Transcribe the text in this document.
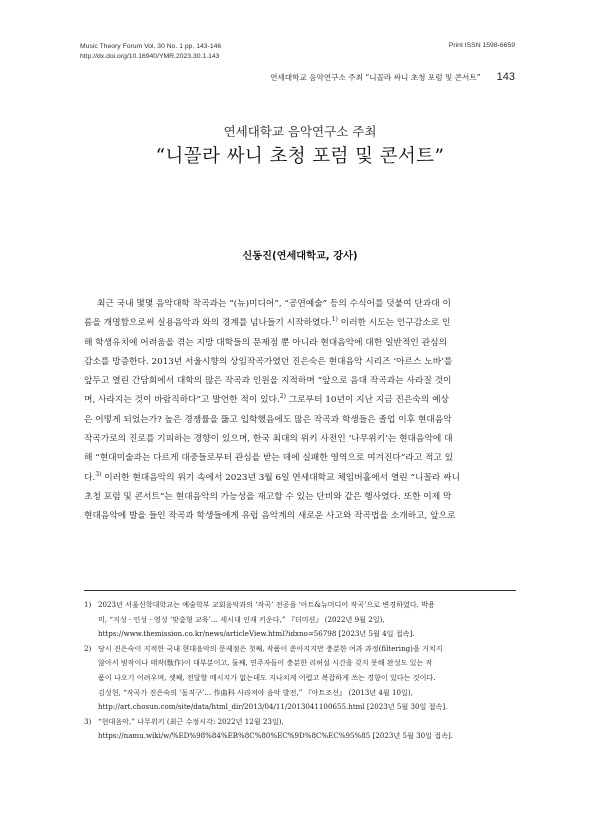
Music Theory Forum Vol. 30 No. 1 pp. 143-146
http://dx.doi.org/10.16940/YMR.2023.30.1.143
Print ISSN 1598-6659
연세대학교 음악연구소 주최 “니꼴라 싸니 초청 포럼 및 콘서트” 143
연세대학교 음악연구소 주최
“니꼴라 싸니 초청 포럼 및 콘서트”
신동진(연세대학교, 강사)
최근 국내 몇몇 음악대학 작곡과는 “(뉴)미디어”, “공연예술” 등의 수식어를 덧붙여 단과대 이
름을 개명함으로써 실용음악과 와의 경계를 넘나들기 시작하였다.$^{1)}$ 이러한 시도는 인구감소로 인
해 학생유치에 어려움을 겪는 지방 대학들의 문제점 뿐 아니라 현대음악에 대한 일반적인 관심의
감소를 방증한다. 2013년 서울시향의 상임작곡가였던 진은숙은 현대음악 시리즈 ‘아르스 노바’를
앞두고 열린 간담회에서 대학의 많은 작곡과 인원을 지적하며 “앞으로 음대 작곡과는 사라질 것이
며, 사라지는 것이 바람직하다”고 발언한 적이 있다.$^{2)}$ 그로부터 10년이 지난 지금 진은숙의 예상
은 어떻게 되었는가? 높은 경쟁률을 뚫고 입학했음에도 많은 작곡과 학생들은 졸업 이후 현대음악
작곡가로의 진로를 기피하는 경향이 있으며, 한국 최대의 위키 사전인 ‘나무위키’는 현대음악에 대
해 “현대미술과는 다르게 대중들로부터 관심을 받는 데에 실패한 영역으로 여겨진다”라고 적고 있
다.$^{3)}$ 이러한 현대음악의 위기 속에서 2023년 3월 6일 연세대학교 체임버홀에서 열린 “니꼴라 싸니
초청 포럼 및 콘서트”는 현대음악의 가능성을 재고할 수 있는 단비와 같은 행사였다. 또한 이제 막
현대음악에 발을 들인 작곡과 학생들에게 유럽 음악계의 새로운 사고와 작곡법을 소개하고, 앞으로
1) 2023년 서울신학대학교는 예술학부 교회음악과의 ‘작곡’ 전공을 ‘아트&뉴미디어 작곡’으로 변경하였다. 박용
미, “지성 · 인성 · 영성 ‘맞춤형 교육’… 세시대 인재 키운다,” 『더미션』 (2022년 9월 2일),
https://www.themission.co.kr/news/articleView.html?idxno=56798 [2023년 5월 4일 접속].
2) 당시 진은숙이 지적한 국내 현대음악의 문제점은 첫째, 작품이 쏟아지지만 충분한 여과 과정(filtering)을 거치지
않아서 범작이나 태작(駄作)이 대부분이고, 둘째, 연주자들이 충분한 리허설 시간을 갖지 못해 완성도 있는 작
품이 나오기 어려우며, 셋째, 전달할 메시지가 없는데도 지나치게 어렵고 복잡하게 쓰는 경향이 있다는 것이다.
김성현, “작곡가 진은숙의 ‘돌직구’… 作曲科 사라져야 음악 발전,” 『아트조선』 (2013년 4월 10일),
http://art.chosun.com/site/data/html_dir/2013/04/11/2013041100655.html [2023년 5월 30일 접속].
3) “현대음악,” 나무위키 (최근 수정시각: 2022년 12월 23일),
https://namu.wiki/w/%ED%98%84%EB%8C%80%EC%9D%8C%EC%95%85 [2023년 5월 30일 접속].
